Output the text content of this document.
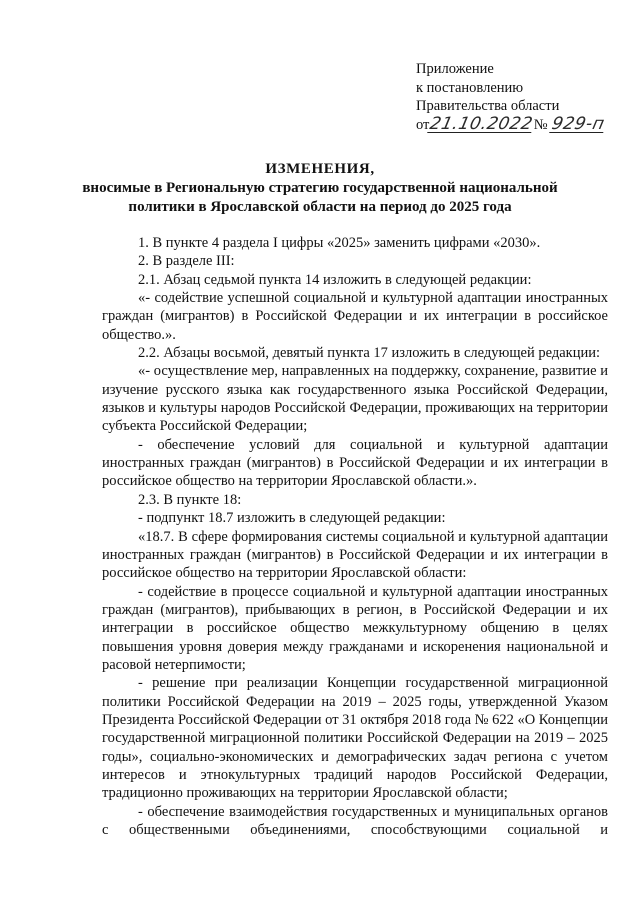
Приложение
к постановлению
Правительства области
от21.10.2022№ 929-п
ИЗМЕНЕНИЯ,
вносимые в Региональную стратегию государственной национальной
политики в Ярославской области на период до 2025 года

1. В пункте 4 раздела I цифры «2025» заменить цифрами «2030».

2. В разделе III:

2.1. Абзац седьмой пункта 14 изложить в следующей редакции:

«- содействие успешной социальной и культурной адаптации иностранных граждан (мигрантов) в Российской Федерации и их интеграции в российское общество.».

2.2. Абзацы восьмой, девятый пункта 17 изложить в следующей редакции:

«- осуществление мер, направленных на поддержку, сохранение, развитие и изучение русского языка как государственного языка Российской Федерации, языков и культуры народов Российской Федерации, проживающих на территории субъекта Российской Федерации;

- обеспечение условий для социальной и культурной адаптации иностранных граждан (мигрантов) в Российской Федерации и их интеграции в российское общество на территории Ярославской области.».

2.3. В пункте 18:

- подпункт 18.7 изложить в следующей редакции:

«18.7. В сфере формирования системы социальной и культурной адаптации иностранных граждан (мигрантов) в Российской Федерации и их интеграции в российское общество на территории Ярославской области:

- содействие в процессе социальной и культурной адаптации иностранных граждан (мигрантов), прибывающих в регион, в Российской Федерации и их интеграции в российское общество межкультурному общению в целях повышения уровня доверия между гражданами и искоренения национальной и расовой нетерпимости;

- решение при реализации Концепции государственной миграционной политики Российской Федерации на 2019 – 2025 годы, утвержденной Указом Президента Российской Федерации от 31 октября 2018 года № 622 «О Концепции государственной миграционной политики Российской Федерации на 2019 – 2025 годы», социально-экономических и демографических задач региона с учетом интересов и этнокультурных традиций народов Российской Федерации, традиционно проживающих на территории Ярославской области;

- обеспечение взаимодействия государственных и муниципальных органов с общественными объединениями, способствующими социальной и
